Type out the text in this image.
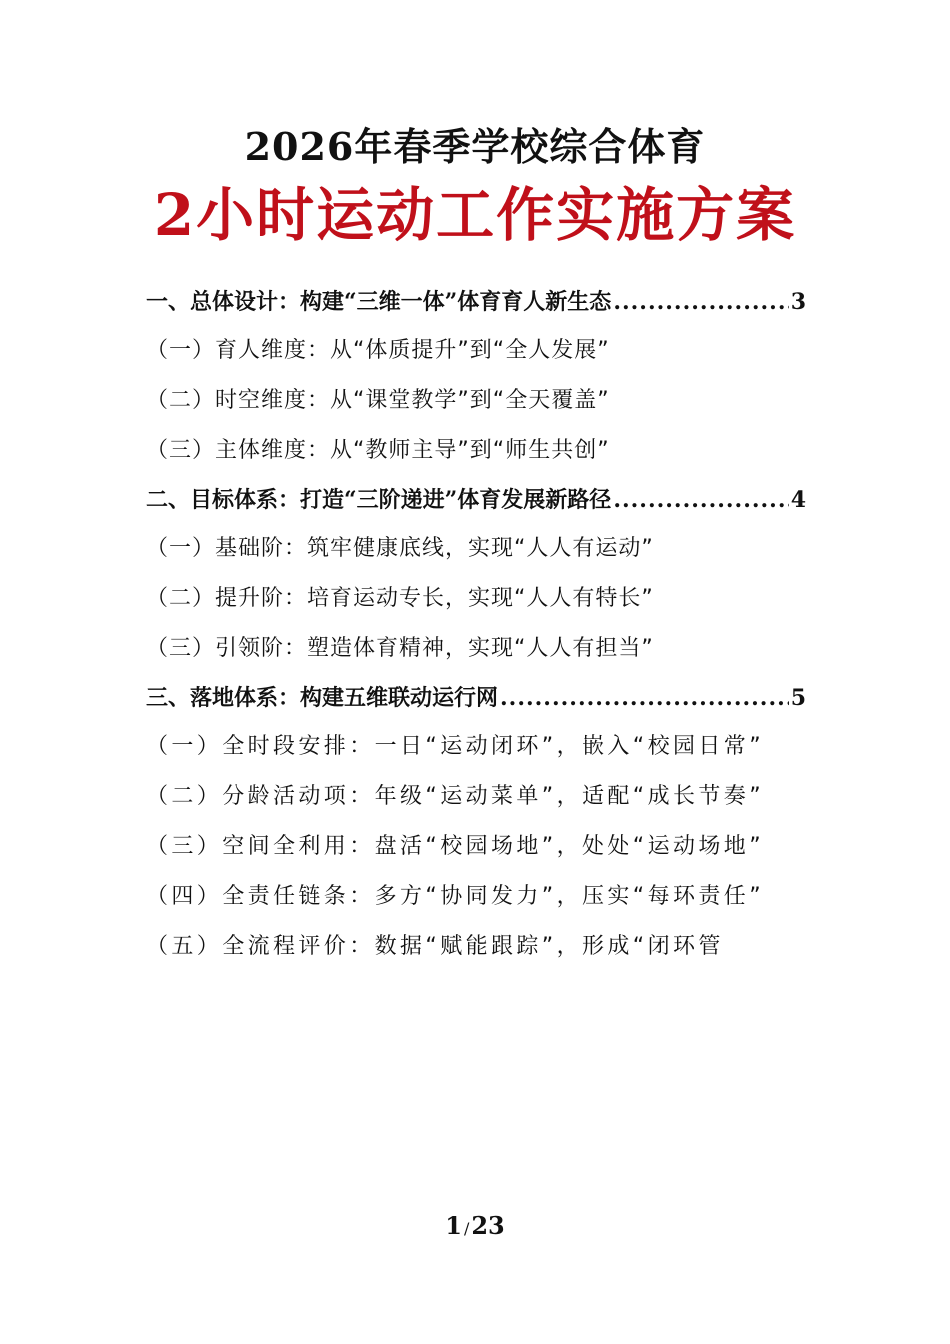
2026年春季学校综合体育
2小时运动工作实施方案
一、总体设计：构建“三维一体”体育育人新生态 .....	3
（一）育人维度：从“体质提升”到“全人发展”
（二）时空维度：从“课堂教学”到“全天覆盖”
（三）主体维度：从“教师主导”到“师生共创”
二、目标体系：打造“三阶递进”体育发展新路径 .....	4
（一）基础阶：筑牢健康底线，实现“人人有运动”
（二）提升阶：培育运动专长，实现“人人有特长”
（三）引领阶：塑造体育精神，实现“人人有担当”
三、落地体系：构建五维联动运行网 .....	5
（一）全时段安排：一日“运动闭环”，嵌入“校园日常”
（二）分龄活动项：年级“运动菜单”，适配“成长节奏”
（三）空间全利用：盘活“校园场地”，处处“运动场地”
（四）全责任链条：多方“协同发力”，压实“每环责任”
（五）全流程评价：数据“赋能跟踪”，形成“闭环管
1 /23
